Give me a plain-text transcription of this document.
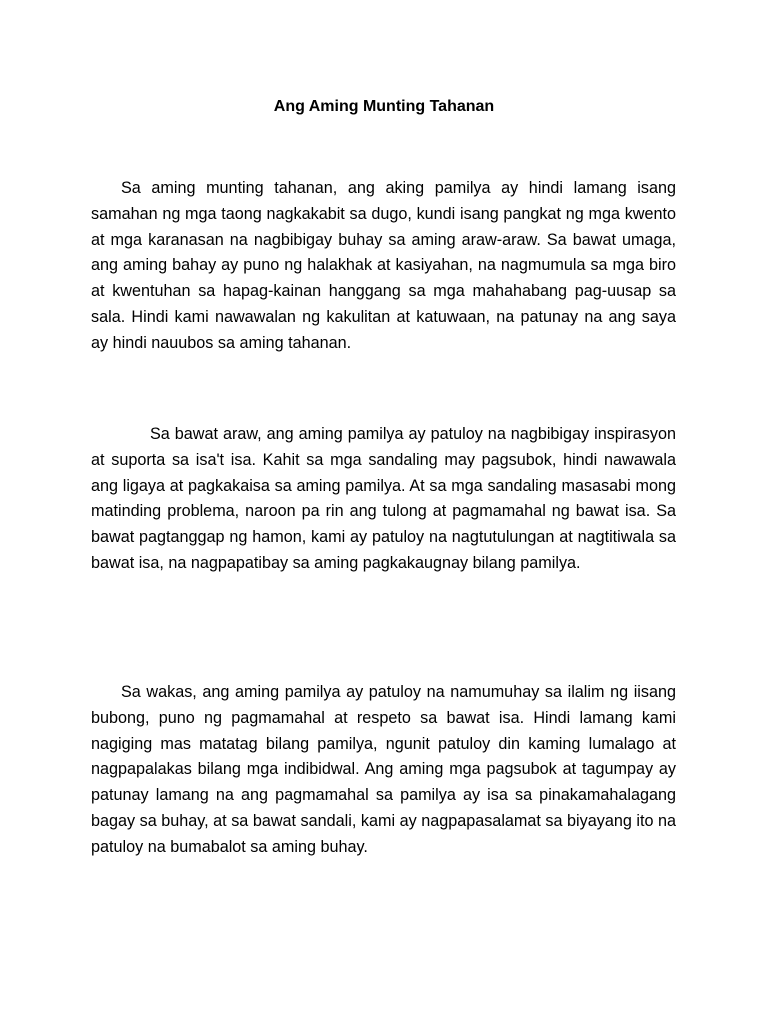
Ang Aming Munting Tahanan

Sa aming munting tahanan, ang aking pamilya ay hindi lamang isang samahan ng mga taong nagkakabit sa dugo, kundi isang pangkat ng mga kwento at mga karanasan na nagbibigay buhay sa aming araw-araw. Sa bawat umaga, ang aming bahay ay puno ng halakhak at kasiyahan, na nagmumula sa mga biro at kwentuhan sa hapag-kainan hanggang sa mga mahahabang pag-uusap sa sala. Hindi kami nawawalan ng kakulitan at katuwaan, na patunay na ang saya ay hindi nauubos sa aming tahanan.

Sa bawat araw, ang aming pamilya ay patuloy na nagbibigay inspirasyon at suporta sa isa't isa. Kahit sa mga sandaling may pagsubok, hindi nawawala ang ligaya at pagkakaisa sa aming pamilya. At sa mga sandaling masasabi mong matinding problema, naroon pa rin ang tulong at pagmamahal ng bawat isa. Sa bawat pagtanggap ng hamon, kami ay patuloy na nagtutulungan at nagtitiwala sa bawat isa, na nagpapatibay sa aming pagkakaugnay bilang pamilya.

Sa wakas, ang aming pamilya ay patuloy na namumuhay sa ilalim ng iisang bubong, puno ng pagmamahal at respeto sa bawat isa. Hindi lamang kami nagiging mas matatag bilang pamilya, ngunit patuloy din kaming lumalago at nagpapalakas bilang mga indibidwal. Ang aming mga pagsubok at tagumpay ay patunay lamang na ang pagmamahal sa pamilya ay isa sa pinakamahalagang bagay sa buhay, at sa bawat sandali, kami ay nagpapasalamat sa biyayang ito na patuloy na bumabalot sa aming buhay.
